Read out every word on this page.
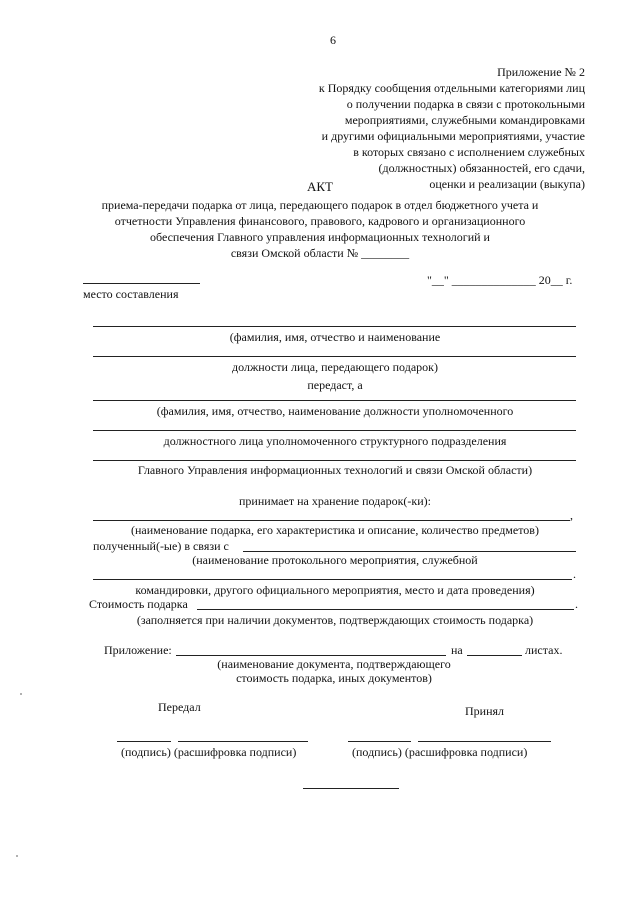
6
Приложение № 2
к Порядку сообщения отдельными категориями лиц
о получении подарка в связи с протокольными
мероприятиями, служебными командировками
и другими официальными мероприятиями, участие
в которых связано с исполнением служебных
(должностных) обязанностей, его сдачи,
оценки и реализации (выкупа)
АКТ
приема-передачи подарка от лица, передающего подарок в отдел бюджетного учета и
отчетности Управления финансового, правового, кадрового и организационного
обеспечения Главного управления информационных технологий и
связи Омской области № ________
место составления
"__" ______________ 20__ г.
(фамилия, имя, отчество и наименование
должности лица, передающего подарок)
передаст, а
(фамилия, имя, отчество, наименование должности уполномоченного
должностного лица уполномоченного структурного подразделения
Главного Управления информационных технологий и связи Омской области)
принимает на хранение подарок(-ки):
,
(наименование подарка, его характеристика и описание, количество предметов)
полученный(-ые) в связи с
(наименование протокольного мероприятия, служебной
.
командировки, другого официального мероприятия, место и дата проведения)
Стоимость подарка	.
(заполняется при наличии документов, подтверждающих стоимость подарка)
Приложение:	на	листах.
(наименование документа, подтверждающего
стоимость подарка, иных документов)
Передал	Принял
(подпись) (расшифровка подписи)	(подпись) (расшифровка подписи)
